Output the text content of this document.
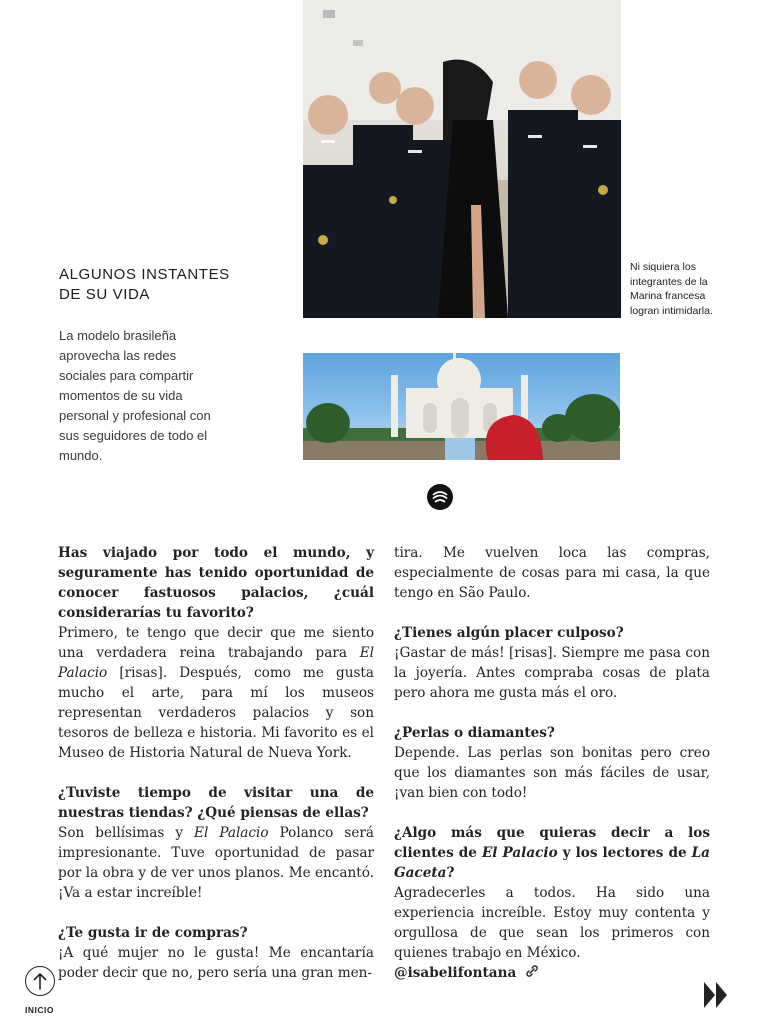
ALGUNOS INSTANTES
DE SU VIDA
La modelo brasileña aprovecha las redes sociales para compartir momentos de su vida personal y profesional con sus seguidores de todo el mundo.
Ni siquiera los
integrantes de la
Marina francesa
logran intimidarla.
Has viajado por todo el mundo, y seguramente has tenido oportunidad de conocer fastuosos palacios, ¿cuál considerarías tu favorito?
Primero, te tengo que decir que me siento una verdadera reina trabajando para El Palacio [risas]. Después, como me gusta mucho el arte, para mí los museos representan verdaderos palacios y son tesoros de belleza e historia. Mi favorito es el Museo de Historia Natural de Nueva York.
¿Tuviste tiempo de visitar una de nuestras tiendas? ¿Qué piensas de ellas?
Son bellísimas y El Palacio Polanco será impresionante. Tuve oportunidad de pasar por la obra y de ver unos planos. Me encantó. ¡Va a estar increíble!
¿Te gusta ir de compras?
¡A qué mujer no le gusta! Me encantaría poder decir que no, pero sería una gran men-
tira. Me vuelven loca las compras, especialmente de cosas para mi casa, la que tengo en São Paulo.
¿Tienes algún placer culposo?
¡Gastar de más! [risas]. Siempre me pasa con la joyería. Antes compraba cosas de plata pero ahora me gusta más el oro.
¿Perlas o diamantes?
Depende. Las perlas son bonitas pero creo que los diamantes son más fáciles de usar, ¡van bien con todo!
¿Algo más que quieras decir a los clientes de El Palacio y los lectores de La Gaceta?
Agradecerles a todos. Ha sido una experiencia increíble. Estoy muy contenta y orgullosa de que sean los primeros con quienes trabajo en México.
@isabelifontana
INICIO
